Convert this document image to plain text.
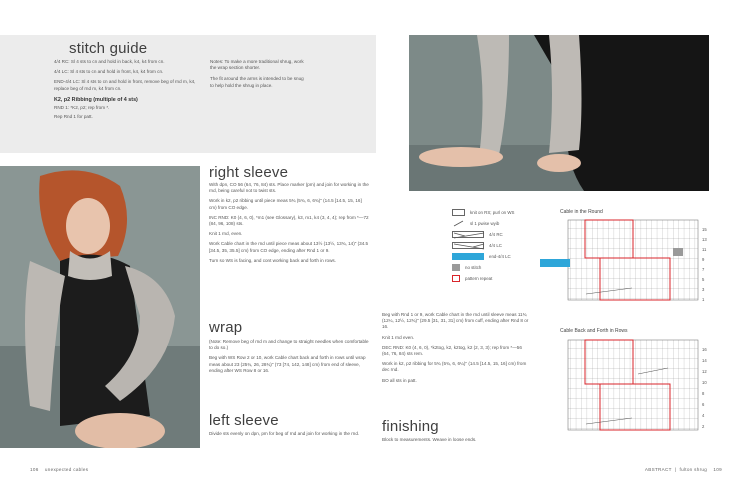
stitch guide
4/4 RC: Sl 4 sts to cn and hold in back, k4, k4 from cn.
4/4 LC: Sl 4 sts to cn and hold in front, k4, k4 from cn.
END-4/4 LC: Sl 4 sts to cn and hold in front, remove beg of rnd m, k4, replace beg of rnd m, k4 from cn.
K2, p2 Ribbing (multiple of 4 sts)
RND 1: *K2, p2; rep from *.
Rep Rnd 1 for patt.
Notes: To make a more traditional shrug, work the wrap section shorter.
The fit around the arms is intended to be snug to help hold the shrug in place.
right sleeve
With dpn, CO 56 (64, 76, 84) sts. Place marker (pm) and join for working in the rnd, being careful not to twist sts.
Work in k2, p2 ribbing until piece meas 5¾ (5¾, 6, 6¾)" (14.5 [14.5, 15, 16] cm) from CO edge.
INC RND: K0 (4, 6, 0), *m1 (see Glossary), k3, m1, k4 (3, 4, 4); rep from *—72 (84, 96, 108) sts.
Knit 1 rnd, even.
Work Cable chart in the rnd until piece meas about 13½ (13½, 13¾, 14)" (34.5 [34.5, 35, 35.5] cm) from CO edge, ending after Rnd 1 or 9.
Turn so WS is facing, and cont working back and forth in rows.
wrap
(Note: Remove beg of rnd m and change to straight needles when comfortable to do so.)
Beg with WS Row 2 or 10, work Cable chart back and forth in rows until wrap meas about 23 (25¾, 26, 28¾)" (73 [74, 142, 148] cm) from end of sleeve, ending after WS Row 8 or 16.
left sleeve
Divide sts evenly on dpn, pm for beg of rnd and join for working in the rnd.
knit on RS; purl on WS
sl 1 pwise wyib
4/4 RC
4/4 LC
end-4/4 LC
no stitch
pattern repeat
Cable in the Round
15
13
11
9
7
5
3
1
Cable Back and Forth in Rows
16
14
12
10
8
6
4
2
Beg with Rnd 1 or 9, work Cable chart in the rnd until sleeve meas 11¾ (12¼, 12½, 12¾)" (29.5 [31, 31, 31] cm) from cuff, ending after Rnd 8 or 16.
Knit 1 rnd even.
DEC RND: K0 (4, 6, 0), *k2tog, k2, k2tog, k2 (2, 3, 3); rep from *—56 (64, 76, 84) sts rem.
Work in k2, p2 ribbing for 5¾ (5¾, 6, 6¼)" (14.5 [14.5, 15, 16] cm) from dec rnd.
BO all sts in patt.
finishing
Block to measurements. Weave in loose ends.
106 unexpected cables	ABSTRACT  |  fulton shrug 109
